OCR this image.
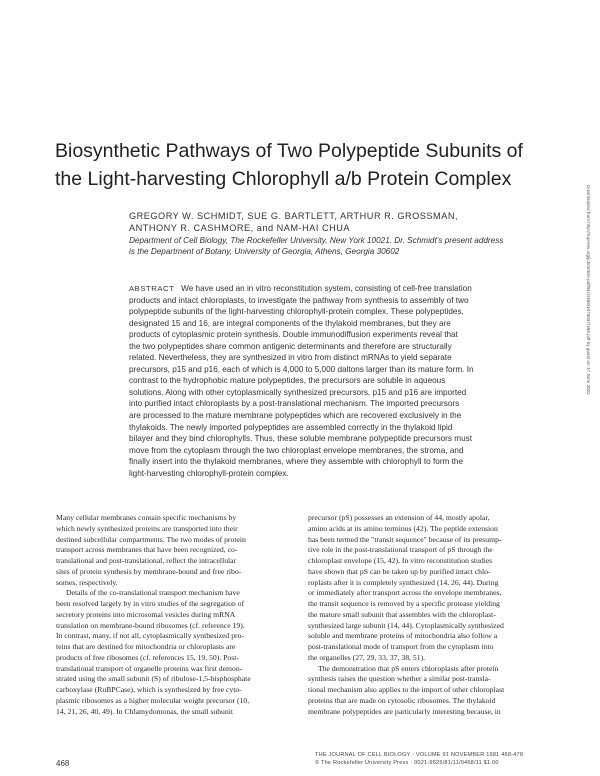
Biosynthetic Pathways of Two Polypeptide Subunits of
the Light-harvesting Chlorophyll a/b Protein Complex
GREGORY W. SCHMIDT, SUE G. BARTLETT, ARTHUR R. GROSSMAN,
ANTHONY R. CASHMORE, and NAM-HAI CHUA
Department of Cell Biology, The Rockefeller University, New York 10021. Dr. Schmidt's present address
is the Department of Botany, University of Georgia, Athens, Georgia 30602
ABSTRACT We have used an in vitro reconstitution system, consisting of cell-free translation
products and intact chloroplasts, to investigate the pathway from synthesis to assembly of two
polypeptide subunits of the light-harvesting chlorophyll-protein complex. These polypeptides,
designated 15 and 16, are integral components of the thylakoid membranes, but they are
products of cytoplasmic protein synthesis. Double immunodiffusion experiments reveal that
the two polypeptides share common antigenic determinants and therefore are structurally
related. Nevertheless, they are synthesized in vitro from distinct mRNAs to yield separate
precursors, p15 and p16, each of which is 4,000 to 5,000 daltons larger than its mature form. In
contrast to the hydrophobic mature polypeptides, the precursors are soluble in aqueous
solutions. Along with other cytoplasmically synthesized precursors, p15 and p16 are imported
into purified intact chloroplasts by a post-translational mechanism. The imported precursors
are processed to the mature membrane polypeptides which are recovered exclusively in the
thylakoids. The newly imported polypeptides are assembled correctly in the thylakoid lipid
bilayer and they bind chlorophylls. Thus, these soluble membrane polypeptide precursors must
move from the cytoplasm through the two chloroplast envelope membranes, the stroma, and
finally insert into the thylakoid membranes, where they assemble with chlorophyll to form the
light-harvesting chlorophyll-protein complex.
Many cellular membranes contain specific mechanisms by
which newly synthesized proteins are transported into their
destined subcellular compartments. The two modes of protein
transport across membranes that have been recognized, co-
translational and post-translational, reflect the intracellular
sites of protein synthesis by membrane-bound and free ribo-
somes, respectively.
Details of the co-translational transport mechanism have
been resolved largely by in vitro studies of the segregation of
secretory proteins into microsomal vesicles during mRNA
translation on membrane-bound ribosomes (cf. reference 19).
In contrast, many, if not all, cytoplasmically synthesized pro-
teins that are destined for mitochondria or chloroplasts are
products of free ribosomes (cf. references 15, 19, 50). Post-
translational transport of organelle proteins was first demon-
strated using the small subunit (S) of ribulose-1,5-bisphosphate
carboxylase (RuBPCase), which is synthesized by free cyto-
plasmic ribosomes as a higher molecular weight precursor (10,
14, 21, 26, 40, 49). In Chlamydomonas, the small subunit
precursor (pS) possesses an extension of 44, mostly apolar,
amino acids at its amino terminus (42). The peptide extension
has been termed the "transit sequence" because of its presump-
tive role in the post-translational transport of pS through the
chloroplast envelope (15, 42). In vitro reconstitution studies
have shown that pS can be taken up by purified intact chlo-
roplasts after it is completely synthesized (14, 26, 44). During
or immediately after transport across the envelope membranes,
the transit sequence is removed by a specific protease yielding
the mature small subunit that assembles with the chloroplast-
synthesized large subunit (14, 44). Cytoplasmically synthesized
soluble and membrane proteins of mitochondria also follow a
post-translational mode of transport from the cytoplasm into
the organelles (27, 29, 33, 37, 38, 51).
The demonstration that pS enters chloroplasts after protein
synthesis raises the question whether a similar post-transla-
tional mechanism also applies to the import of other chloroplast
proteins that are made on cytosolic ribosomes. The thylakoid
membrane polypeptides are particularly interesting because, in
468
THE JOURNAL OF CELL BIOLOGY · VOLUME 91 NOVEMBER 1981 468-478
© The Rockefeller University Press · 0021-9525/81/11/0468/11 $1.00
Downloaded from http://rupress.org/jcb/article-pdf/91/2/468/1075037/468.pdf by guest on 17 June 2022
